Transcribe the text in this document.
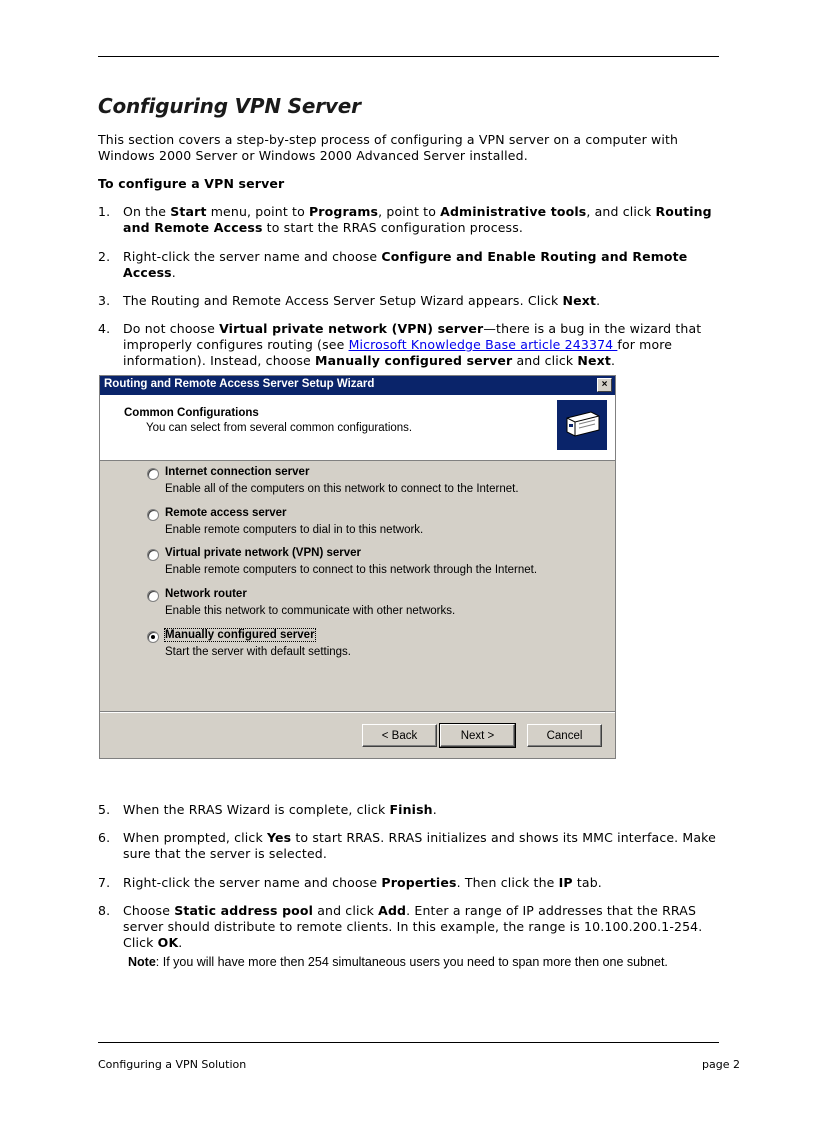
Configuring VPN Server
This section covers a step-by-step process of configuring a VPN server on a computer with Windows 2000 Server or Windows 2000 Advanced Server installed.
To configure a VPN server
1. On the Start menu, point to Programs, point to Administrative tools, and click Routing and Remote Access to start the RRAS configuration process.
2. Right-click the server name and choose Configure and Enable Routing and Remote Access.
3. The Routing and Remote Access Server Setup Wizard appears. Click Next.
4. Do not choose Virtual private network (VPN) server—there is a bug in the wizard that improperly configures routing (see Microsoft Knowledge Base article 243374 for more information). Instead, choose Manually configured server and click Next.
Routing and Remote Access Server Setup Wizard	×
Common Configurations
You can select from several common configurations.
Internet connection server
Enable all of the computers on this network to connect to the Internet.
Remote access server
Enable remote computers to dial in to this network.
Virtual private network (VPN) server
Enable remote computers to connect to this network through the Internet.
Network router
Enable this network to communicate with other networks.
Manually configured server
Start the server with default settings.
< Back	Next >	Cancel
5. When the RRAS Wizard is complete, click Finish.
6. When prompted, click Yes to start RRAS. RRAS initializes and shows its MMC interface. Make sure that the server is selected.
7. Right-click the server name and choose Properties. Then click the IP tab.
8. Choose Static address pool and click Add. Enter a range of IP addresses that the RRAS server should distribute to remote clients. In this example, the range is 10.100.200.1-254. Click OK.
Note: If you will have more then 254 simultaneous users you need to span more then one subnet.
Configuring a VPN Solution	page 2
